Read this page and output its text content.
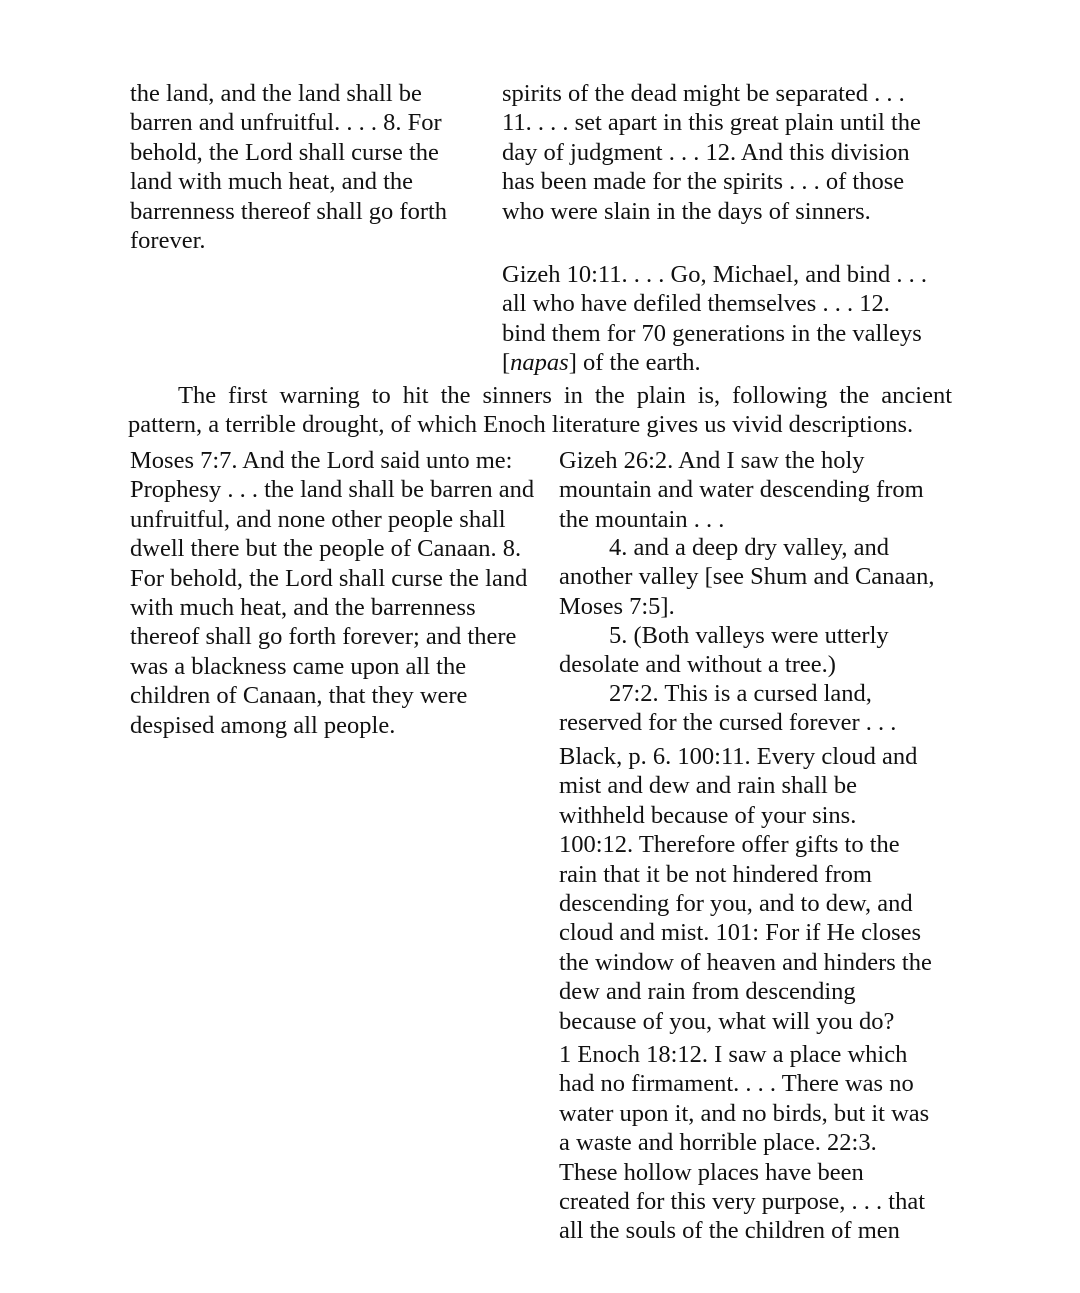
the land, and the land shall be
barren and unfruitful. . . . 8. For
behold, the Lord shall curse the
land with much heat, and the
barrenness thereof shall go forth
forever.
spirits of the dead might be separated . . .
11. . . . set apart in this great plain until the
day of judgment . . . 12. And this division
has been made for the spirits . . . of those
who were slain in the days of sinners.
Gizeh 10:11. . . . Go, Michael, and bind . . .
all who have defiled themselves . . . 12.
bind them for 70 generations in the valleys
[napas] of the earth.
The first warning to hit the sinners in the plain is, following the ancient
pattern, a terrible drought, of which Enoch literature gives us vivid descriptions.
Moses 7:7. And the Lord said unto me:
Prophesy . . . the land shall be barren and
unfruitful, and none other people shall
dwell there but the people of Canaan. 8.
For behold, the Lord shall curse the land
with much heat, and the barrenness
thereof shall go forth forever; and there
was a blackness came upon all the
children of Canaan, that they were
despised among all people.
Gizeh 26:2. And I saw the holy
mountain and water descending from
the mountain . . .
4. and a deep dry valley, and
another valley [see Shum and Canaan,
Moses 7:5].
5. (Both valleys were utterly
desolate and without a tree.)
27:2. This is a cursed land,
reserved for the cursed forever . . .
Black, p. 6. 100:11. Every cloud and
mist and dew and rain shall be
withheld because of your sins.
100:12. Therefore offer gifts to the
rain that it be not hindered from
descending for you, and to dew, and
cloud and mist. 101: For if He closes
the window of heaven and hinders the
dew and rain from descending
because of you, what will you do?
1 Enoch 18:12. I saw a place which
had no firmament. . . . There was no
water upon it, and no birds, but it was
a waste and horrible place. 22:3.
These hollow places have been
created for this very purpose, . . . that
all the souls of the children of men
